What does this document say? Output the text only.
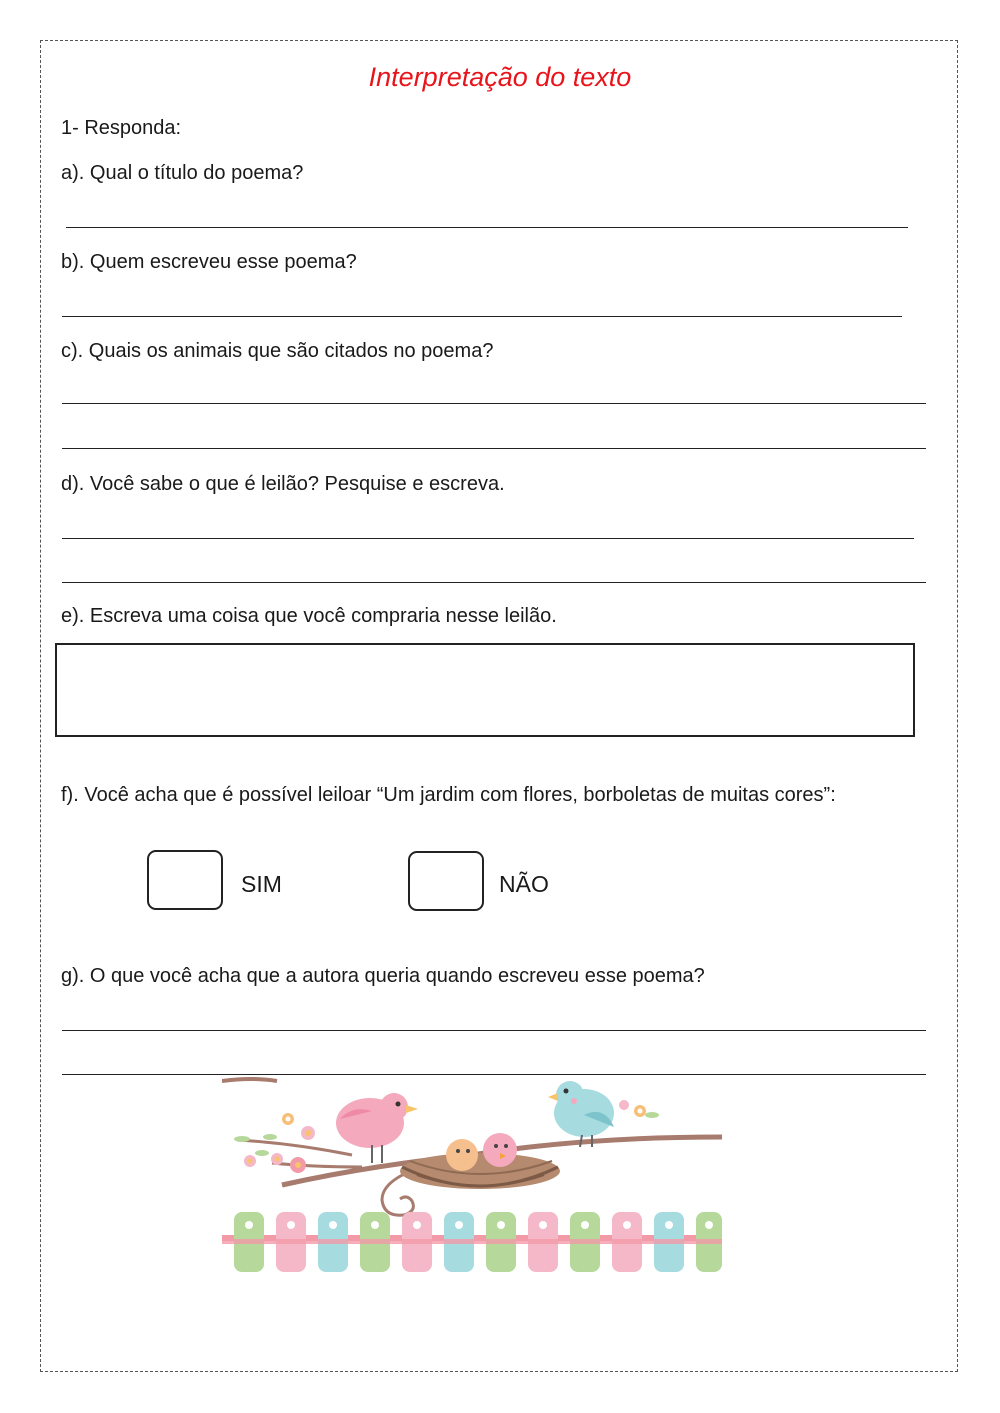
Interpretação do texto
1- Responda:
a). Qual o título do poema?
b). Quem escreveu esse poema?
c). Quais os animais que são citados no poema?
d). Você sabe o que é leilão? Pesquise e escreva.
e). Escreva uma coisa que você compraria nesse leilão.
f). Você acha que é possível leiloar “Um jardim com flores, borboletas de muitas cores”:
SIM	NÃO
g). O que você acha que a autora queria quando escreveu esse poema?
